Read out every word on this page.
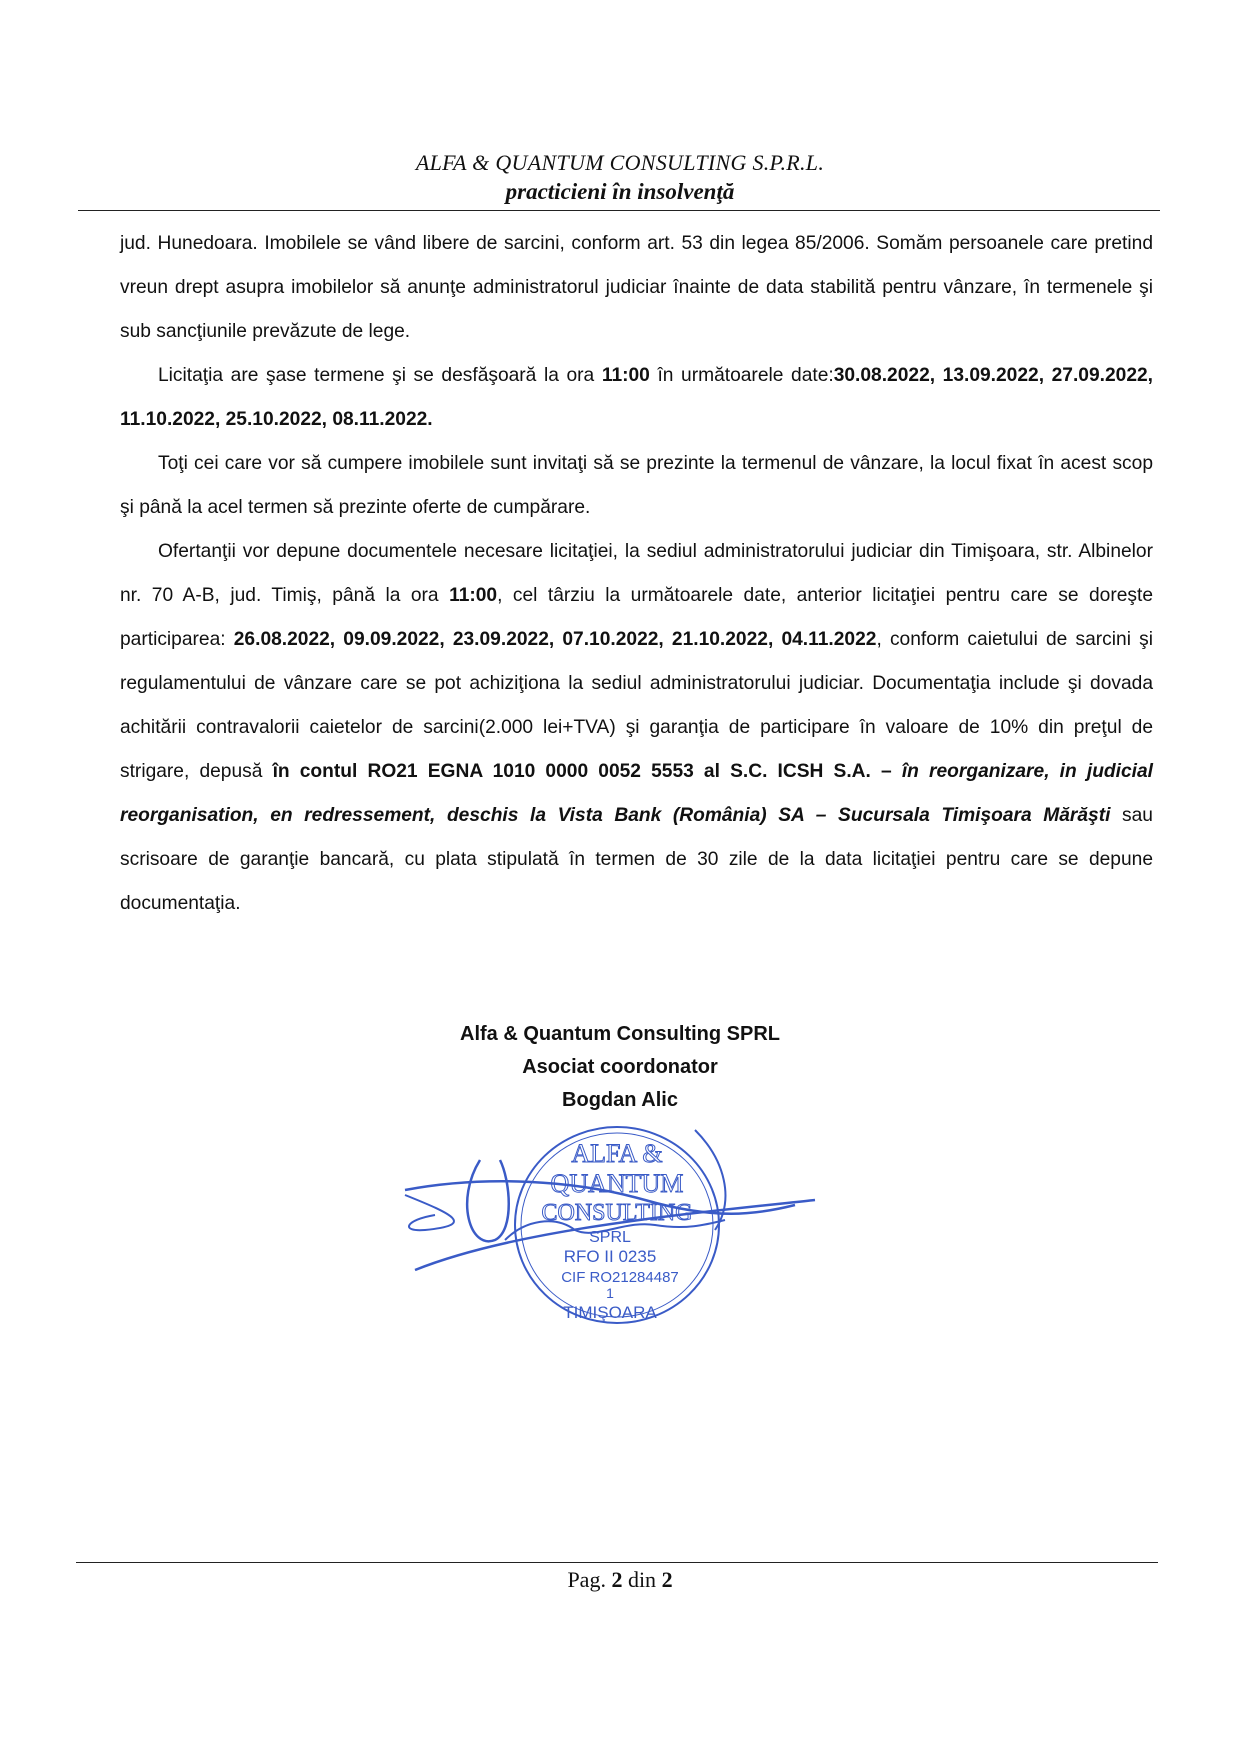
ALFA & QUANTUM CONSULTING S.P.R.L.
practicieni în insolvenţă

jud. Hunedoara. Imobilele se vând libere de sarcini, conform art. 53 din legea 85/2006. Somăm persoanele care pretind vreun drept asupra imobilelor să anunţe administratorul judiciar înainte de data stabilită pentru vânzare, în termenele şi sub sancţiunile prevăzute de lege.

Licitaţia are şase termene şi se desfăşoară la ora 11:00 în următoarele date:30.08.2022, 13.09.2022, 27.09.2022, 11.10.2022, 25.10.2022, 08.11.2022.

Toţi cei care vor să cumpere imobilele sunt invitaţi să se prezinte la termenul de vânzare, la locul fixat în acest scop şi până la acel termen să prezinte oferte de cumpărare.

Ofertanţii vor depune documentele necesare licitaţiei, la sediul administratorului judiciar din Timişoara, str. Albinelor nr. 70 A-B, jud. Timiş, până la ora 11:00, cel târziu la următoarele date, anterior licitaţiei pentru care se doreşte participarea: 26.08.2022, 09.09.2022, 23.09.2022, 07.10.2022, 21.10.2022, 04.11.2022, conform caietului de sarcini şi regulamentului de vânzare care se pot achiziţiona la sediul administratorului judiciar. Documentaţia include şi dovada achitării contravalorii caietelor de sarcini(2.000 lei+TVA) şi garanţia de participare în valoare de 10% din preţul de strigare, depusă în contul RO21 EGNA 1010 0000 0052 5553 al S.C. ICSH S.A. – în reorganizare, in judicial reorganisation, en redressement, deschis la Vista Bank (România) SA – Sucursala Timişoara Mărăşti sau scrisoare de garanţie bancară, cu plata stipulată în termen de 30 zile de la data licitaţiei pentru care se depune documentaţia.

Alfa & Quantum Consulting SPRL
Asociat coordonator
Bogdan Alic
ALFA &
QUANTUM
CONSULTING
SPRL
RFO II 0235
CIF RO21284487
1
TIMIŞOARA
Pag. 2 din 2
